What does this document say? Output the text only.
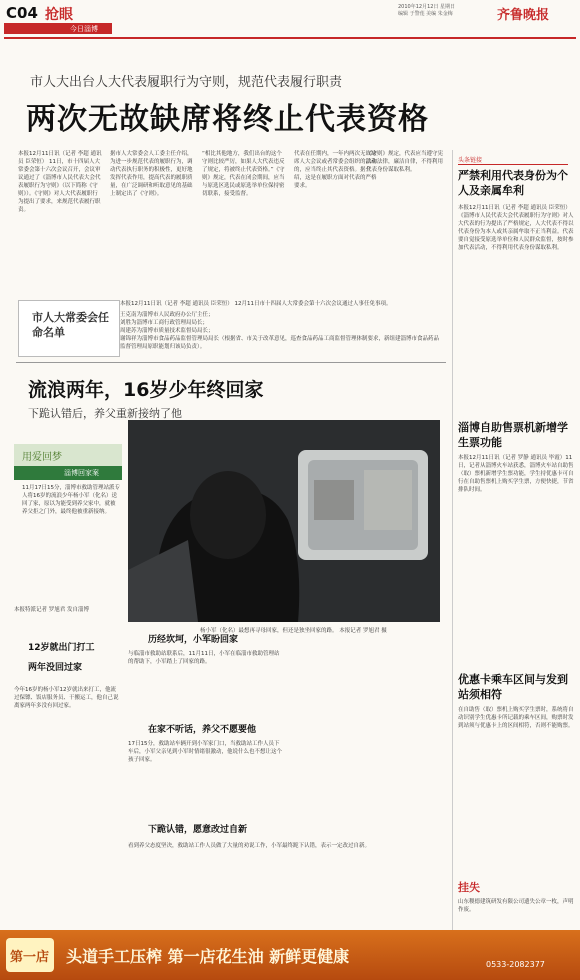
C04 抢眼
今日淄博
2010年12月12日 星期日
编辑 于警莲 美编 朱金梅	齐鲁晚报
市人大出台人大代表履职行为守则，规范代表履行职责
两次无故缺席将终止代表资格
本报12月11日讯（记者 李超 通讯员 臣荣恒） 11日，市十四届人大常委会第十六次会议召开，会议审议通过了《淄博市人民代表大会代表履职行为守则》（以下简称《守则》）。《守则》对人大代表履职行为提出了要求，来规范代表履行职责。
据市人大常委会人工委主任介绍，为进一步规范代表的履职行为，调动代表执行职务的积极性，更好地发挥代表作用，提高代表的履职质量，在广泛调研和听取意见的基础上制定出了《守则》。
“相比其他地方，我们出台的这个守则比较严厉，如果人大代表违反了规定，将被终止代表资格。”《守则》规定，代表在闭会期间，应当与原选区选民或原选举单位保持密切联系，接受监督。
代表在任期内，一年内两次无故缺席人大会议或者常委会组织的活动的，应当终止其代表资格。据介绍，这是在履职方面对代表的严格要求。
《守则》规定，代表应当遵守宪法和法律，廉洁自律，不得利用代表身份谋取私利。
市人大常委会任命名单
本报12月11日讯（记者 李超 通讯员 臣荣恒） 12月11日市十四届人大常委会第十六次会议通过人事任免事项。
王克南为淄博市人民政府办公厅主任；
刘胜为淄博市工商行政管理局局长；
周建苏为淄博市质量技术监督局局长；
谢锦祥为淄博市食品药品监督管理局局长（根据省、市关于改革意见，巡查食品药品工商监督管理体制要求，新组建淄博市食品药品监督管理局原职能划归该局负责）。
流浪两年，16岁少年终回家
下跪认错后，养父重新接纳了他
用爱回梦
淄博回家案
11月17日15分，淄博市救助管理站派专人将16岁的流浪少年杨小军（化名）送回了家，原以为能受到养父家中，就被养父拒之门外，最终他被重新接纳。
本报特派记者 罗旭君 发自淄博
杨小军（化名）最想再寻母回家，但还是独坐回家的路。 本报记者 罗旭君 摄
12岁就出门打工
两年没回过家
今年16岁的杨小军12岁就出来打工，他流过保镖、饭店服务员、干搬运工，他自己说离家两年多没有回过家。
历经坎坷，小军盼回家
与临淄市救助站联系后，11月11日，小军在临淄市救助管理站的帮助下，小军踏上了回家的路。
在家不听话，养父不愿要他
17日15分，救助站车辆开到小军家门口，当救助站工作人员下车后，小军父亲见到小军时情绪很激动，他说什么也不想让这个孩子回家。
下跪认错，愿意改过自新
看到养父态度坚决，救助站工作人员做了大量的劝说工作，小军最终跪下认错，表示一定改过自新。
头条链接
严禁利用代表身份为个人及亲属牟利
本报12月11日讯（记者 李超 通讯员 臣荣恒）《淄博市人民代表大会代表履职行为守则》对人大代表的行为提出了严格规定，人大代表不得以代表身份为本人或其亲属牟取不正当利益。代表要自觉接受原选举单位和人民群众监督，按时参加代表活动，不得利用代表身份谋取私利。
淄博自助售票机新增学生票功能
本报12月11日讯（记者 罗静 通讯员 毕霞）11日，记者从淄博火车站获悉，淄博火车站自助售（取）票机新增学生票功能，学生持优惠卡可自行在自助售票机上购买学生票，方便快捷，节省排队时间。
优惠卡乘车区间与发到站须相符
在自助售（取）票机上购买学生票时，系统将自动识别学生优惠卡所记载的乘车区间，购票时发到站须与优惠卡上的区间相符，否则不能购票。
挂失
山东稷德建筑研发有限公司遗失公章一枚，声明作废。
第一店 头道手工压榨 第一店花生油 新鲜更健康	0533-2082377
